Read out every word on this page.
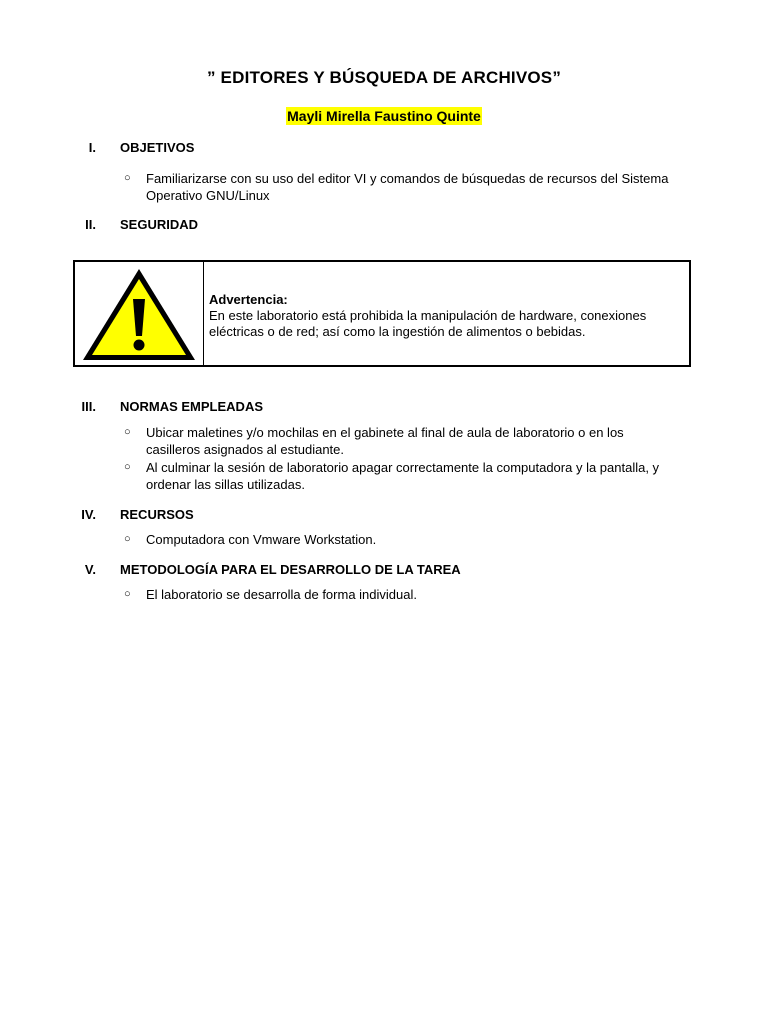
” EDITORES Y BÚSQUEDA DE ARCHIVOS”
Mayli Mirella Faustino Quinte
I. OBJETIVOS
○ Familiarizarse con su uso del editor VI y comandos de búsquedas de recursos del Sistema Operativo GNU/Linux
II. SEGURIDAD
Advertencia:
En este laboratorio está prohibida la manipulación de hardware, conexiones eléctricas o de red; así como la ingestión de alimentos o bebidas.
III. NORMAS EMPLEADAS
○ Ubicar maletines y/o mochilas en el gabinete al final de aula de laboratorio o en los casilleros asignados al estudiante.
○ Al culminar la sesión de laboratorio apagar correctamente la computadora y la pantalla, y ordenar las sillas utilizadas.
IV. RECURSOS
○ Computadora con Vmware Workstation.
V. METODOLOGÍA PARA EL DESARROLLO DE LA TAREA
○ El laboratorio se desarrolla de forma individual.
